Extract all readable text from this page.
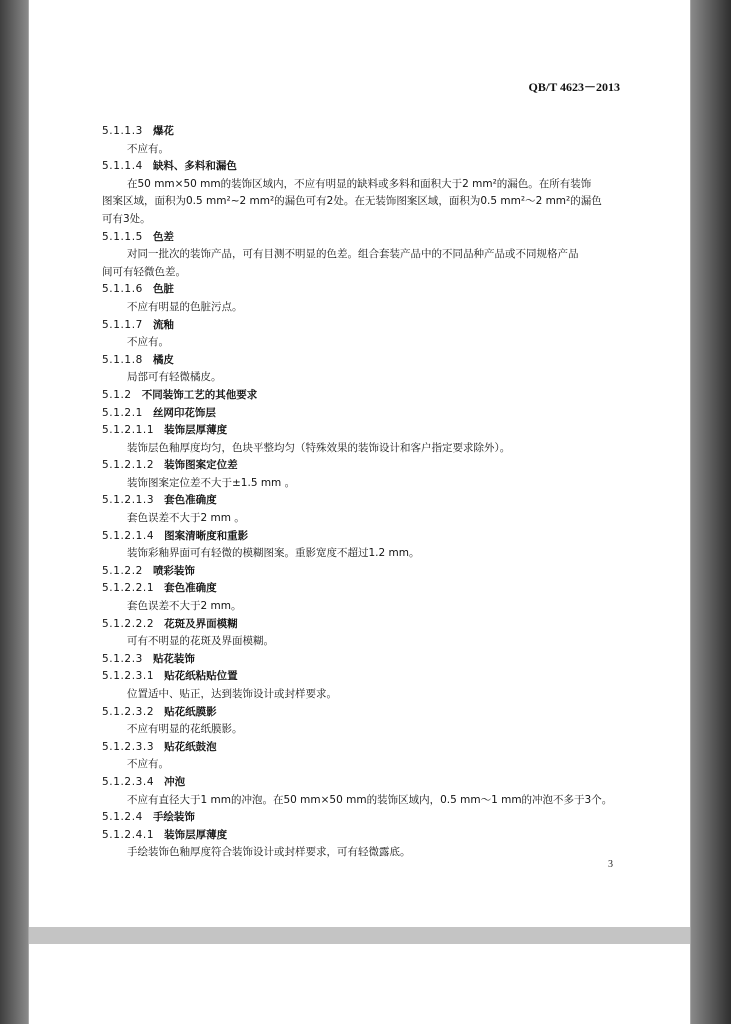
QB/T 4623－2013
5.1.1.3 爆花
不应有。
5.1.1.4 缺料、多料和漏色
在50 mm×50 mm的装饰区域内，不应有明显的缺料或多料和面积大于2 mm²的漏色。在所有装饰
图案区域，面积为0.5 mm²~2 mm²的漏色可有2处。在无装饰图案区域，面积为0.5 mm²～2 mm²的漏色
可有3处。
5.1.1.5 色差
对同一批次的装饰产品，可有目测不明显的色差。组合套装产品中的不同品种产品或不同规格产品
间可有轻微色差。
5.1.1.6 色脏
不应有明显的色脏污点。
5.1.1.7 流釉
不应有。
5.1.1.8 橘皮
局部可有轻微橘皮。
5.1.2 不同装饰工艺的其他要求
5.1.2.1 丝网印花饰层
5.1.2.1.1 装饰层厚薄度
装饰层色釉厚度均匀，色块平整均匀（特殊效果的装饰设计和客户指定要求除外）。
5.1.2.1.2 装饰图案定位差
装饰图案定位差不大于±1.5 mm 。
5.1.2.1.3 套色准确度
套色误差不大于2 mm 。
5.1.2.1.4 图案清晰度和重影
装饰彩釉界面可有轻微的模糊图案。重影宽度不超过1.2 mm。
5.1.2.2 喷彩装饰
5.1.2.2.1 套色准确度
套色误差不大于2 mm。
5.1.2.2.2 花斑及界面模糊
可有不明显的花斑及界面模糊。
5.1.2.3 贴花装饰
5.1.2.3.1 贴花纸粘贴位置
位置适中、贴正，达到装饰设计或封样要求。
5.1.2.3.2 贴花纸膜影
不应有明显的花纸膜影。
5.1.2.3.3 贴花纸鼓泡
不应有。
5.1.2.3.4 冲泡
不应有直径大于1 mm的冲泡。在50 mm×50 mm的装饰区域内，0.5 mm～1 mm的冲泡不多于3个。
5.1.2.4 手绘装饰
5.1.2.4.1 装饰层厚薄度
手绘装饰色釉厚度符合装饰设计或封样要求，可有轻微露底。
3
